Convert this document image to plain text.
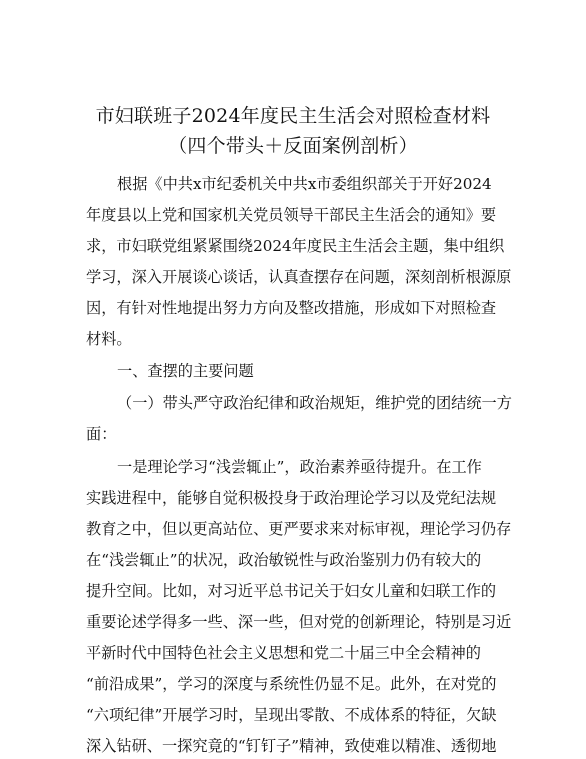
市妇联班子2024年度民主生活会对照检查材料
（四个带头＋反面案例剖析）
根据《中共x市纪委机关中共x市委组织部关于开好2024
年度县以上党和国家机关党员领导干部民主生活会的通知》要
求，市妇联党组紧紧围绕2024年度民主生活会主题，集中组织
学习，深入开展谈心谈话，认真查摆存在问题，深刻剖析根源原
因，有针对性地提出努力方向及整改措施，形成如下对照检查
材料。
一、查摆的主要问题
（一）带头严守政治纪律和政治规矩，维护党的团结统一方
面：
一是理论学习“浅尝辄止”，政治素养亟待提升。在工作
实践进程中，能够自觉积极投身于政治理论学习以及党纪法规
教育之中，但以更高站位、更严要求来对标审视，理论学习仍存
在“浅尝辄止”的状况，政治敏锐性与政治鉴别力仍有较大的
提升空间。比如，对习近平总书记关于妇女儿童和妇联工作的
重要论述学得多一些、深一些，但对党的创新理论，特别是习近
平新时代中国特色社会主义思想和党二十届三中全会精神的
“前沿成果”，学习的深度与系统性仍显不足。此外，在对党的
“六项纪律”开展学习时，呈现出零散、不成体系的特征，欠缺
深入钻研、一探究竟的“钉钉子”精神，致使难以精准、透彻地
